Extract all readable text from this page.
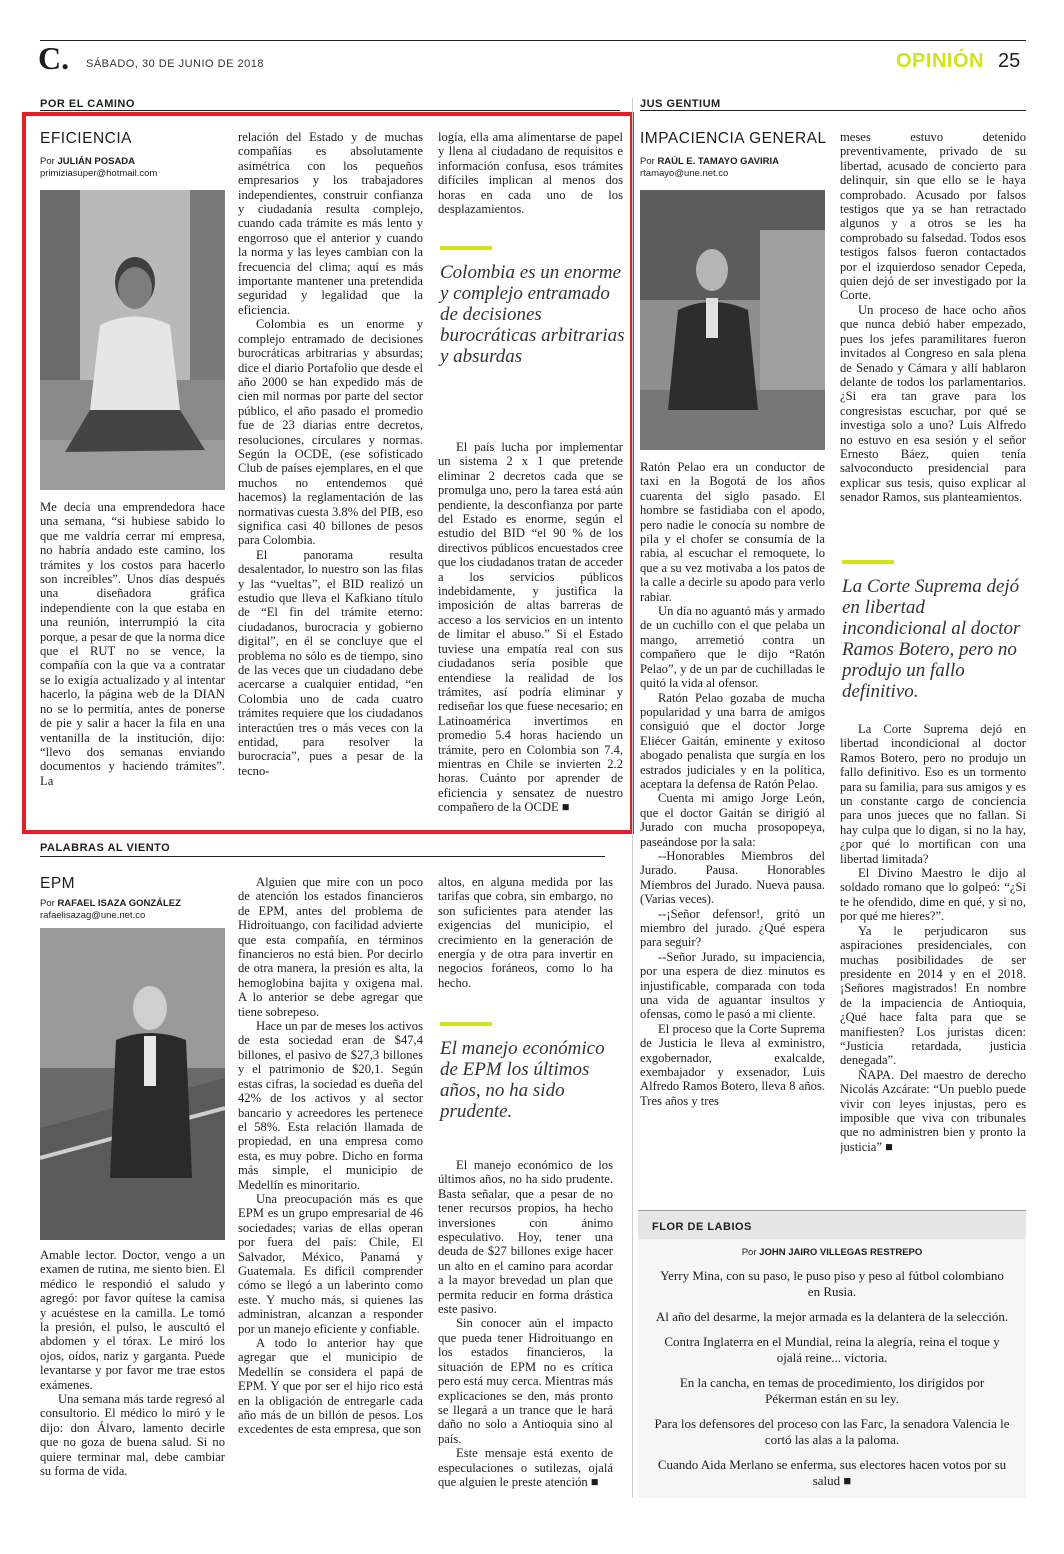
C. SÁBADO, 30 DE JUNIO DE 2018	OPINIÓN 25
POR EL CAMINO
EFICIENCIA
Por JULIÁN POSADA
primiziasuper@hotmail.com

Me decía una emprendedora hace una semana, “si hubiese sabido lo que me valdría cerrar mi empresa, no habría andado este camino, los trámites y los costos para hacerlo son increíbles”. Unos días después una diseñadora gráfica independiente con la que estaba en una reunión, interrumpió la cita porque, a pesar de que la norma dice que el RUT no se vence, la compañía con la que va a contratar se lo exigía actualizado y al intentar hacerlo, la página web de la DIAN no se lo permitía, antes de ponerse de pie y salir a hacer la fila en una ventanilla de la institución, dijo: “llevo dos semanas enviando documentos y haciendo trámites”. La

relación del Estado y de muchas compañías es absolutamente asimétrica con los pequeños empresarios y los trabajadores independientes, construir confianza y ciudadanía resulta complejo, cuando cada trámite es más lento y engorroso que el anterior y cuando la norma y las leyes cambian con la frecuencia del clima; aquí es más importante mantener una pretendida seguridad y legalidad que la eficiencia.

Colombia es un enorme y complejo entramado de decisiones burocráticas arbitrarias y absurdas; dice el diario Portafolio que desde el año 2000 se han expedido más de cien mil normas por parte del sector público, el año pasado el promedio fue de 23 diarias entre decretos, resoluciones, circulares y normas. Según la OCDE, (ese sofisticado Club de países ejemplares, en el que muchos no entendemos qué hacemos) la reglamentación de las normativas cuesta 3.8% del PIB, eso significa casi 40 billones de pesos para Colombia.

El panorama resulta desalentador, lo nuestro son las filas y las “vueltas”, el BID realizó un estudio que lleva el Kafkiano título de “El fin del trámite eterno: ciudadanos, burocracia y gobierno digital”, en él se concluye que el problema no sólo es de tiempo, sino de las veces que un ciudadano debe acercarse a cualquier entidad, “en Colombia uno de cada cuatro trámites requiere que los ciudadanos interactúen tres o más veces con la entidad, para resolver la burocracia”, pues a pesar de la tecno-

logía, ella ama alimentarse de papel y llena al ciudadano de requisitos e información confusa, esos trámites difíciles implican al menos dos horas en cada uno de los desplazamientos.

Colombia es un enorme y complejo entramado de decisiones burocráticas arbitrarias y absurdas

El país lucha por implementar un sistema 2 x 1 que pretende eliminar 2 decretos cada que se promulga uno, pero la tarea está aún pendiente, la desconfianza por parte del Estado es enorme, según el estudio del BID “el 90 % de los directivos públicos encuestados cree que los ciudadanos tratan de acceder a los servicios públicos indebidamente, y justifica la imposición de altas barreras de acceso a los servicios en un intento de limitar el abuso.” Si el Estado tuviese una empatía real con sus ciudadanos sería posible que entendiese la realidad de los trámites, así podría eliminar y rediseñar los que fuese necesario; en Latinoamérica invertimos en promedio 5.4 horas haciendo un trámite, pero en Colombia son 7.4, mientras en Chile se invierten 2.2 horas. Cuánto por aprender de eficiencia y sensatez de nuestro compañero de la OCDE ■

JUS GENTIUM
IMPACIENCIA GENERAL
Por RAÚL E. TAMAYO GAVIRIA
rtamayo@une.net.co

Ratón Pelao era un conductor de taxi en la Bogotá de los años cuarenta del siglo pasado. El hombre se fastidiaba con el apodo, pero nadie le conocía su nombre de pila y el chofer se consumía de la rabia, al escuchar el remoquete, lo que a su vez motivaba a los patos de la calle a decirle su apodo para verlo rabiar.

Un día no aguantó más y armado de un cuchillo con el que pelaba un mango, arremetió contra un compañero que le dijo “Ratón Pelao”, y de un par de cuchilladas le quitó la vida al ofensor.

Ratón Pelao gozaba de mucha popularidad y una barra de amigos consiguió que el doctor Jorge Eliécer Gaitán, eminente y exitoso abogado penalista que surgía en los estrados judiciales y en la política, aceptara la defensa de Ratón Pelao.

Cuenta mi amigo Jorge León, que el doctor Gaitán se dirigió al Jurado con mucha prosopopeya, paseándose por la sala:

--Honorables Miembros del Jurado. Pausa. Honorables Miembros del Jurado. Nueva pausa. (Varias veces).

--¡Señor defensor!, gritó un miembro del jurado. ¿Qué espera para seguir?

--Señor Jurado, su impaciencia, por una espera de diez minutos es injustificable, comparada con toda una vida de aguantar insultos y ofensas, como le pasó a mi cliente.

El proceso que la Corte Suprema de Justicia le lleva al exministro, exgobernador, exalcalde, exembajador y exsenador, Luis Alfredo Ramos Botero, lleva 8 años. Tres años y tres

meses estuvo detenido preventivamente, privado de su libertad, acusado de concierto para delinquir, sin que ello se le haya comprobado. Acusado por falsos testigos que ya se han retractado algunos y a otros se les ha comprobado su falsedad. Todos esos testigos falsos fueron contactados por el izquierdoso senador Cepeda, quien dejó de ser investigado por la Corte.

Un proceso de hace ocho años que nunca debió haber empezado, pues los jefes paramilitares fueron invitados al Congreso en sala plena de Senado y Cámara y allí hablaron delante de todos los parlamentarios. ¿Si era tan grave para los congresistas escuchar, por qué se investiga solo a uno? Luis Alfredo no estuvo en esa sesión y el señor Ernesto Báez, quien tenía salvoconducto presidencial para explicar sus tesis, quiso explicar al senador Ramos, sus planteamientos.

La Corte Suprema dejó en libertad incondicional al doctor Ramos Botero, pero no produjo un fallo definitivo.

La Corte Suprema dejó en libertad incondicional al doctor Ramos Botero, pero no produjo un fallo definitivo. Eso es un tormento para su familia, para sus amigos y es un constante cargo de conciencia para unos jueces que no fallan. Si hay culpa que lo digan, si no la hay, ¿por qué lo mortifican con una libertad limitada?

El Divino Maestro le dijo al soldado romano que lo golpeó: “¿Si te he ofendido, dime en qué, y si no, por qué me hieres?”.

Ya le perjudicaron sus aspiraciones presidenciales, con muchas posibilidades de ser presidente en 2014 y en el 2018. ¡Señores magistrados! En nombre de la impaciencia de Antioquia, ¿Qué hace falta para que se manifiesten? Los juristas dicen: “Justicia retardada, justicia denegada”.

ÑAPA. Del maestro de derecho Nicolás Azcárate: “Un pueblo puede vivir con leyes injustas, pero es imposible que viva con tribunales que no administren bien y pronto la justicia” ■

PALABRAS AL VIENTO
EPM
Por RAFAEL ISAZA GONZÁLEZ
rafaelisazag@une.net.co

Amable lector. Doctor, vengo a un examen de rutina, me siento bien. El médico le respondió el saludo y agregó: por favor quítese la camisa y acuéstese en la camilla. Le tomó la presión, el pulso, le auscultó el abdomen y el tórax. Le miró los ojos, oídos, nariz y garganta. Puede levantarse y por favor me trae estos exámenes.

Una semana más tarde regresó al consultorio. El médico lo miró y le dijo: don Álvaro, lamento decirle que no goza de buena salud. Si no quiere terminar mal, debe cambiar su forma de vida.

Alguien que mire con un poco de atención los estados financieros de EPM, antes del problema de Hidroituango, con facilidad advierte que esta compañía, en términos financieros no está bien. Por decirlo de otra manera, la presión es alta, la hemoglobina bajita y oxigena mal. A lo anterior se debe agregar que tiene sobrepeso.

Hace un par de meses los activos de esta sociedad eran de $47,4 billones, el pasivo de $27,3 billones y el patrimonio de $20,1. Según estas cifras, la sociedad es dueña del 42% de los activos y al sector bancario y acreedores les pertenece el 58%. Esta relación llamada de propiedad, en una empresa como esta, es muy pobre. Dicho en forma más simple, el municipio de Medellín es minoritario.

Una preocupación más es que EPM es un grupo empresarial de 46 sociedades; varias de ellas operan por fuera del país: Chile, El Salvador, México, Panamá y Guatemala. Es difícil comprender cómo se llegó a un laberinto como este. Y mucho más, si quienes las administran, alcanzan a responder por un manejo eficiente y confiable.

A todo lo anterior hay que agregar que el municipio de Medellín se considera el papá de EPM. Y que por ser el hijo rico está en la obligación de entregarle cada año más de un billón de pesos. Los excedentes de esta empresa, que son

altos, en alguna medida por las tarifas que cobra, sin embargo, no son suficientes para atender las exigencias del municipio, el crecimiento en la generación de energía y de otra para invertir en negocios foráneos, como lo ha hecho.

El manejo económico de EPM los últimos años, no ha sido prudente.

El manejo económico de los últimos años, no ha sido prudente. Basta señalar, que a pesar de no tener recursos propios, ha hecho inversiones con ánimo especulativo. Hoy, tener una deuda de $27 billones exige hacer un alto en el camino para acordar a la mayor brevedad un plan que permita reducir en forma drástica este pasivo.

Sin conocer aún el impacto que pueda tener Hidroituango en los estados financieros, la situación de EPM no es crítica pero está muy cerca. Mientras más explicaciones se den, más pronto se llegará a un trance que le hará daño no solo a Antioquia sino al país.

Este mensaje está exento de especulaciones o sutilezas, ojalá que alguien le preste atención ■

FLOR DE LABIOS
Por JOHN JAIRO VILLEGAS RESTREPO

Yerry Mina, con su paso, le puso piso y peso al fútbol colombiano en Rusia.

Al año del desarme, la mejor armada es la delantera de la selección.

Contra Inglaterra en el Mundial, reina la alegría, reina el toque y ojalá reine... victoria.

En la cancha, en temas de procedimiento, los dirigidos por Pékerman están en su ley.

Para los defensores del proceso con las Farc, la senadora Valencia le cortó las alas a la paloma.

Cuando Aida Merlano se enferma, sus electores hacen votos por su salud ■
